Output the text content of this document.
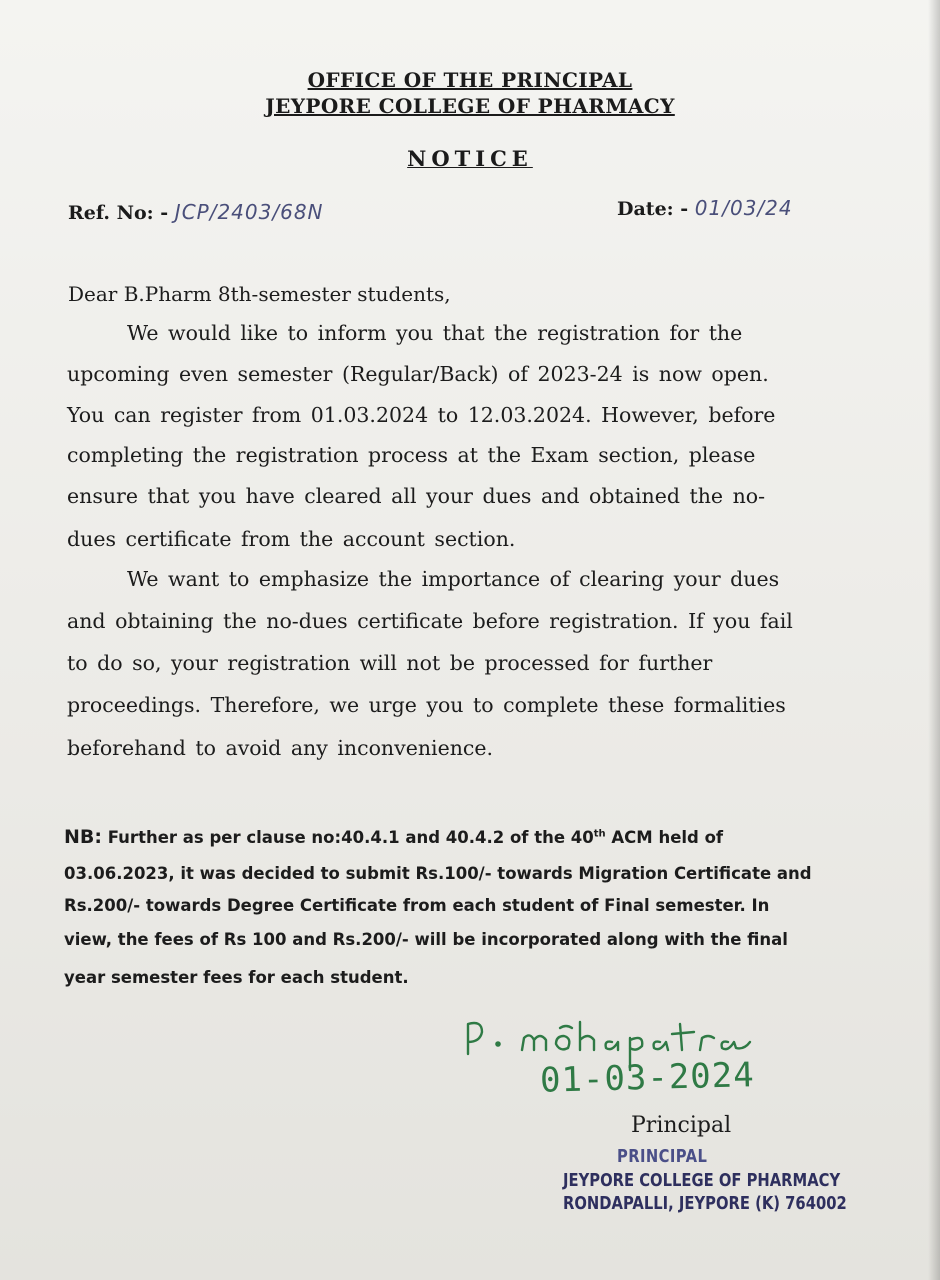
OFFICE OF THE PRINCIPAL
JEYPORE COLLEGE OF PHARMACY
NOTICE
Ref. No: - JCP/2403/68N	Date: - 01/03/24
Dear B.Pharm 8th-semester students,
We would like to inform you that the registration for the
upcoming even semester (Regular/Back) of 2023-24 is now open.
You can register from 01.03.2024 to 12.03.2024. However, before
completing the registration process at the Exam section, please
ensure that you have cleared all your dues and obtained the no-
dues certificate from the account section.
We want to emphasize the importance of clearing your dues
and obtaining the no-dues certificate before registration. If you fail
to do so, your registration will not be processed for further
proceedings. Therefore, we urge you to complete these formalities
beforehand to avoid any inconvenience.
NB: Further as per clause no:40.4.1 and 40.4.2 of the 40th ACM held of
03.06.2023, it was decided to submit Rs.100/- towards Migration Certificate and
Rs.200/- towards Degree Certificate from each student of Final semester. In
view, the fees of Rs 100 and Rs.200/- will be incorporated along with the final
year semester fees for each student.
01-03-2024
Principal
PRINCIPAL
JEYPORE COLLEGE OF PHARMACY
RONDAPALLI, JEYPORE (K) 764002
